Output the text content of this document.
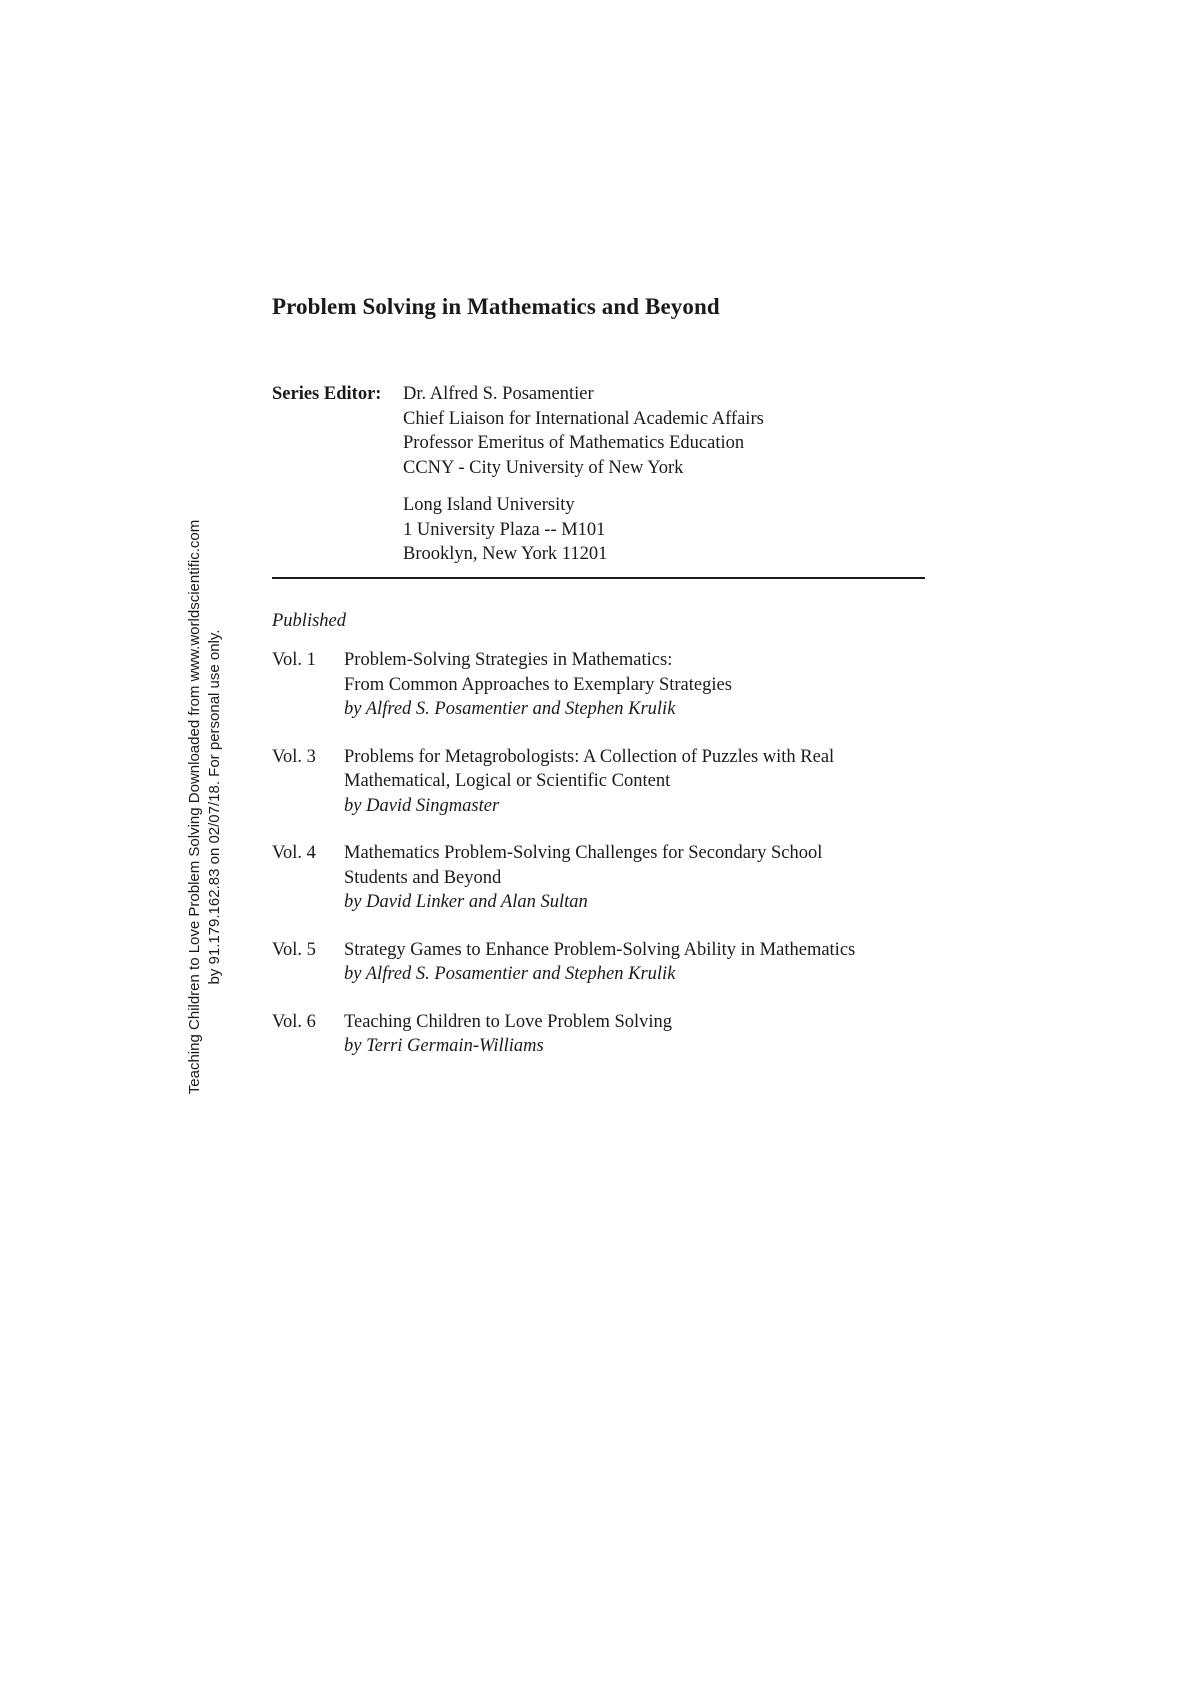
Problem Solving in Mathematics and Beyond
Series Editor: Dr. Alfred S. Posamentier
Chief Liaison for International Academic Affairs
Professor Emeritus of Mathematics Education
CCNY - City University of New York
Long Island University
1 University Plaza -- M101
Brooklyn, New York 11201
Published
Vol. 1 Problem-Solving Strategies in Mathematics:
From Common Approaches to Exemplary Strategies
by Alfred S. Posamentier and Stephen Krulik
Vol. 3 Problems for Metagrobologists: A Collection of Puzzles with Real
Mathematical, Logical or Scientific Content
by David Singmaster
Vol. 4 Mathematics Problem-Solving Challenges for Secondary School
Students and Beyond
by David Linker and Alan Sultan
Vol. 5 Strategy Games to Enhance Problem-Solving Ability in Mathematics
by Alfred S. Posamentier and Stephen Krulik
Vol. 6 Teaching Children to Love Problem Solving
by Terri Germain-Williams
Teaching Children to Love Problem Solving Downloaded from www.worldscientific.com by 91.179.162.83 on 02/07/18. For personal use only.
